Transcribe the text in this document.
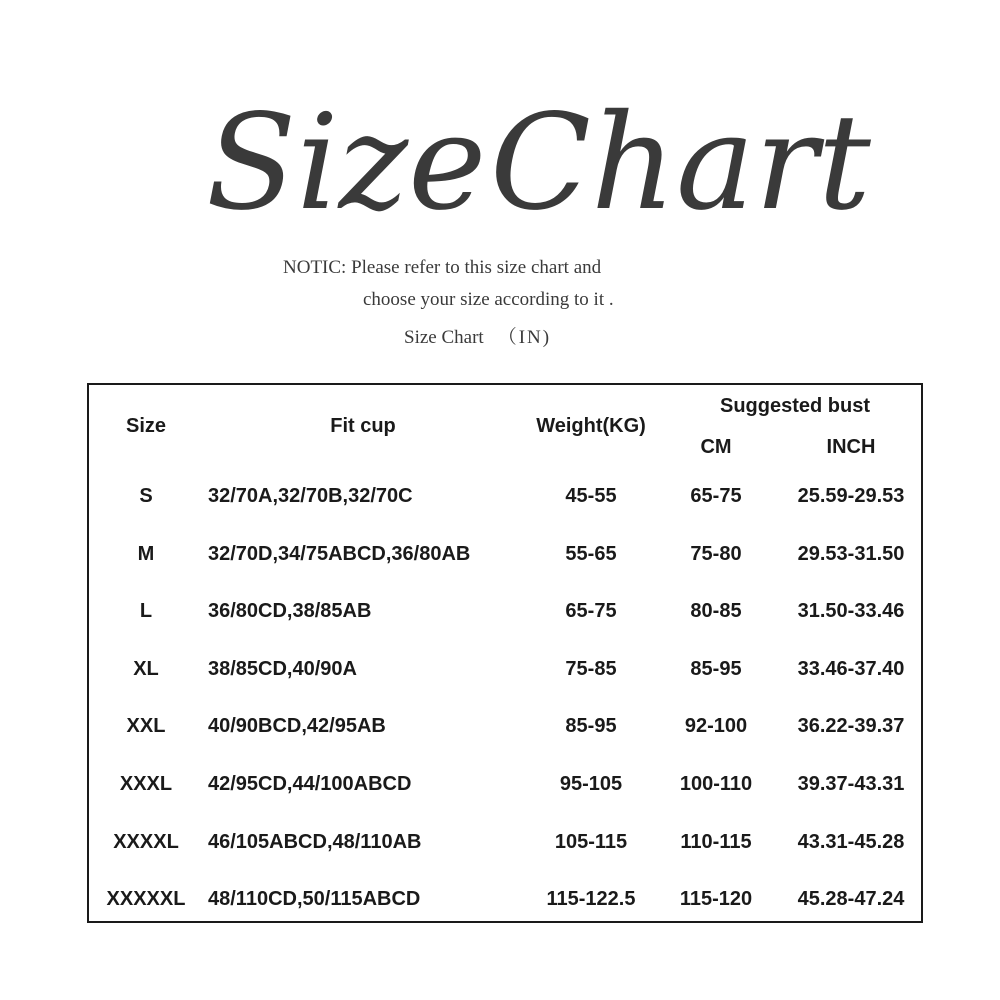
Size Chart
NOTIC: Please refer to this size chart and
choose your size according to it .
Size Chart （IN)
Size	Fit cup	Weight(KG)
Suggested bust
CM	INCH
S	32/70A,32/70B,32/70C	45-55	65-75	25.59-29.53
M	32/70D,34/75ABCD,36/80AB	55-65	75-80	29.53-31.50
L	36/80CD,38/85AB	65-75	80-85	31.50-33.46
XL 38/85CD,40/90A	75-85	85-95	33.46-37.40
XXL 40/90BCD,42/95AB	85-95	92-100	36.22-39.37
XXXL 42/95CD,44/100ABCD	95-105	100-110 39.37-43.31
XXXXL 46/105ABCD,48/110AB	105-115	110-115 43.31-45.28
XXXXXL 48/110CD,50/115ABCD	115-122.5 115-120 45.28-47.24
